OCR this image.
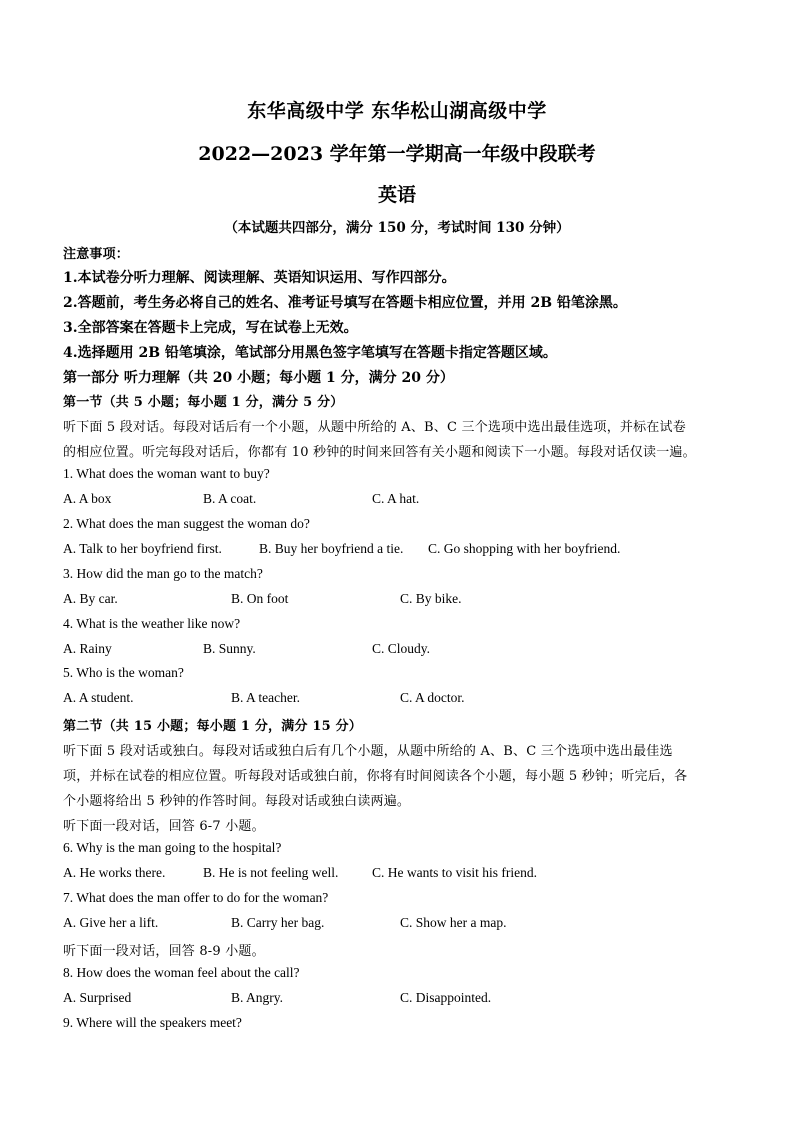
东华高级中学 东华松山湖高级中学
2022—2023 学年第一学期高一年级中段联考
英语
（本试题共四部分，满分 150 分，考试时间 130 分钟）
注意事项：
1.本试卷分听力理解、阅读理解、英语知识运用、写作四部分。
2.答题前，考生务必将自己的姓名、准考证号填写在答题卡相应位置，并用 2B 铅笔涂黑。
3.全部答案在答题卡上完成，写在试卷上无效。
4.选择题用 2B 铅笔填涂，笔试部分用黑色签字笔填写在答题卡指定答题区域。
第一部分 听力理解（共 20 小题；每小题 1 分，满分 20 分）
第一节（共 5 小题；每小题 1 分，满分 5 分）
听下面 5 段对话。每段对话后有一个小题，从题中所给的 A、B、C 三个选项中选出最佳选项，并标在试卷
的相应位置。听完每段对话后，你都有 10 秒钟的时间来回答有关小题和阅读下一小题。每段对话仅读一遍。
1. What does the woman want to buy?
A. A box	B. A coat.	C. A hat.
2. What does the man suggest the woman do?
A. Talk to her boyfriend first.	B. Buy her boyfriend a tie. C. Go shopping with her boyfriend.
3. How did the man go to the match?
A. By car.	B. On foot	C. By bike.
4. What is the weather like now?
A. Rainy	B. Sunny.	C. Cloudy.
5. Who is the woman?
A. A student.	B. A teacher.	C. A doctor.
第二节（共 15 小题；每小题 1 分，满分 15 分）
听下面 5 段对话或独白。每段对话或独白后有几个小题，从题中所给的 A、B、C 三个选项中选出最佳选
项，并标在试卷的相应位置。听每段对话或独白前，你将有时间阅读各个小题，每小题 5 秒钟；听完后，各
个小题将给出 5 秒钟的作答时间。每段对话或独白读两遍。
听下面一段对话，回答 6-7 小题。
6. Why is the man going to the hospital?
A. He works there.	B. He is not feeling well. C. He wants to visit his friend.
7. What does the man offer to do for the woman?
A. Give her a lift.	B. Carry her bag.	C. Show her a map.
听下面一段对话，回答 8-9 小题。
8. How does the woman feel about the call?
A. Surprised	B. Angry.	C. Disappointed.
9. Where will the speakers meet?
